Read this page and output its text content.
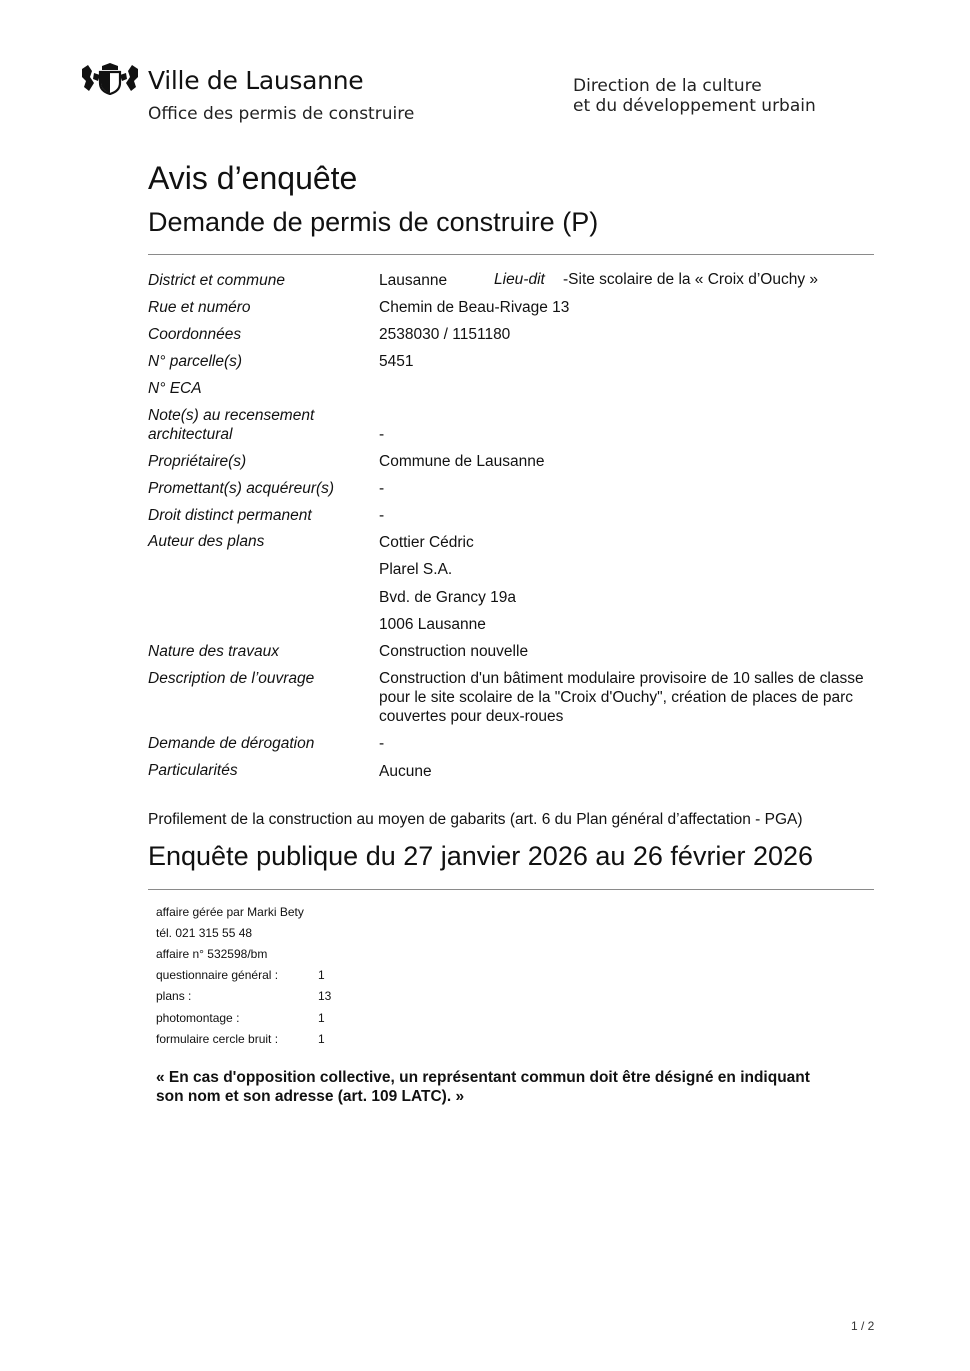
Ville de Lausanne
Office des permis de construire
Direction de la culture
et du développement urbain
Avis d’enquête
Demande de permis de construire (P)
District et commune	Lausanne	Lieu-dit -Site scolaire de la « Croix d’Ouchy »
Rue et numéro	Chemin de Beau-Rivage 13
Coordonnées	2538030 / 1151180
N° parcelle(s)	5451
N° ECA
Note(s) au recensement
architectural	-
Propriétaire(s)	Commune de Lausanne
Promettant(s) acquéreur(s)	-
Droit distinct permanent	-
Auteur des plans	Cottier Cédric
Plarel S.A.
Bvd. de Grancy 19a
1006 Lausanne
Nature des travaux	Construction nouvelle
Description de l’ouvrage	Construction d'un bâtiment modulaire provisoire de 10 salles de classe
pour le site scolaire de la "Croix d'Ouchy", création de places de parc
couvertes pour deux-roues
Demande de dérogation	-
Particularités	Aucune
Profilement de la construction au moyen de gabarits (art. 6 du Plan général d’affectation - PGA)
Enquête publique du 27 janvier 2026 au 26 février 2026
affaire gérée par Marki Bety
tél. 021 315 55 48
affaire n° 532598/bm
questionnaire général :	1
plans :	13
photomontage :	1
formulaire cercle bruit :	1
« En cas d'opposition collective, un représentant commun doit être désigné en indiquant
son nom et son adresse (art. 109 LATC). »
1 / 2
